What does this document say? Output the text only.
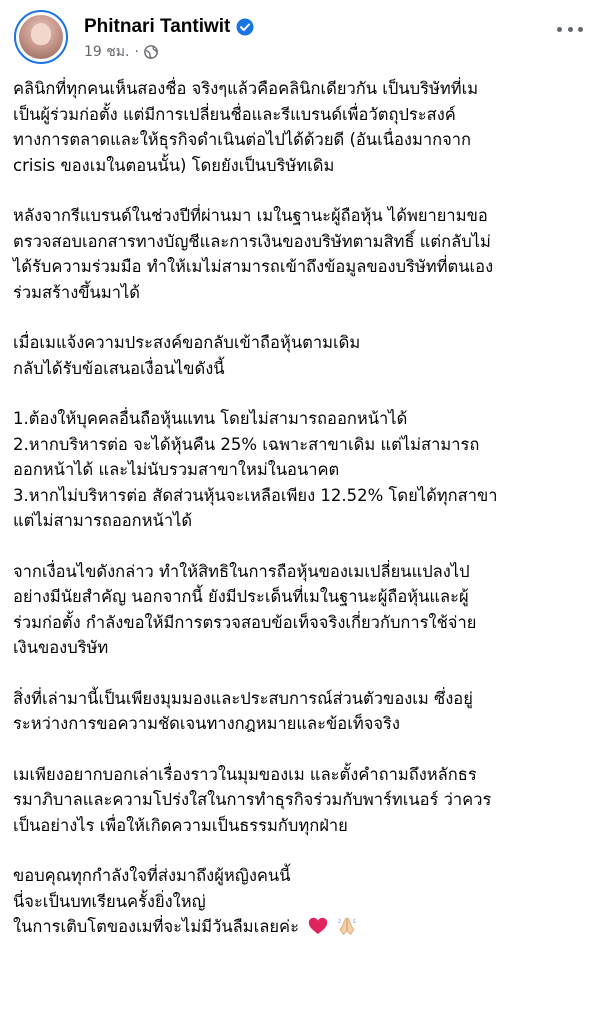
Phitnari Tantiwit
19 ชม. ·
คลินิกที่ทุกคนเห็นสองชื่อ จริงๆแล้วคือคลินิกเดียวกัน เป็นบริษัทที่เม
เป็นผู้ร่วมก่อตั้ง แต่มีการเปลี่ยนชื่อและรีแบรนด์เพื่อวัตถุประสงค์
ทางการตลาดและให้ธุรกิจดำเนินต่อไปได้ด้วยดี (อันเนื่องมากจาก
crisis ของเมในตอนนั้น) โดยยังเป็นบริษัทเดิม
หลังจากรีแบรนด์ในช่วงปีที่ผ่านมา เมในฐานะผู้ถือหุ้น ได้พยายามขอ
ตรวจสอบเอกสารทางบัญชีและการเงินของบริษัทตามสิทธิ์ แต่กลับไม่
ได้รับความร่วมมือ ทำให้เมไม่สามารถเข้าถึงข้อมูลของบริษัทที่ตนเอง
ร่วมสร้างขึ้นมาได้
เมื่อเมแจ้งความประสงค์ขอกลับเข้าถือหุ้นตามเดิม
กลับได้รับข้อเสนอเงื่อนไขดังนี้
1.ต้องให้บุคคลอื่นถือหุ้นแทน โดยไม่สามารถออกหน้าได้
2.หากบริหารต่อ จะได้หุ้นคืน 25% เฉพาะสาขาเดิม แต่ไม่สามารถ
ออกหน้าได้ และไม่นับรวมสาขาใหม่ในอนาคต
3.หากไม่บริหารต่อ สัดส่วนหุ้นจะเหลือเพียง 12.52% โดยได้ทุกสาขา
แต่ไม่สามารถออกหน้าได้
จากเงื่อนไขดังกล่าว ทำให้สิทธิในการถือหุ้นของเมเปลี่ยนแปลงไป
อย่างมีนัยสำคัญ นอกจากนี้ ยังมีประเด็นที่เมในฐานะผู้ถือหุ้นและผู้
ร่วมก่อตั้ง กำลังขอให้มีการตรวจสอบข้อเท็จจริงเกี่ยวกับการใช้จ่าย
เงินของบริษัท
สิ่งที่เล่ามานี้เป็นเพียงมุมมองและประสบการณ์ส่วนตัวของเม ซึ่งอยู่
ระหว่างการขอความชัดเจนทางกฎหมายและข้อเท็จจริง
เมเพียงอยากบอกเล่าเรื่องราวในมุมของเม และตั้งคำถามถึงหลักธร
รมาภิบาลและความโปร่งใสในการทำธุรกิจร่วมกับพาร์ทเนอร์ ว่าควร
เป็นอย่างไร เพื่อให้เกิดความเป็นธรรมกับทุกฝ่าย
ขอบคุณทุกกำลังใจที่ส่งมาถึงผู้หญิงคนนี้
นี่จะเป็นบทเรียนครั้งยิ่งใหญ่
ในการเติบโตของเมที่จะไม่มีวันลืมเลยค่ะ
